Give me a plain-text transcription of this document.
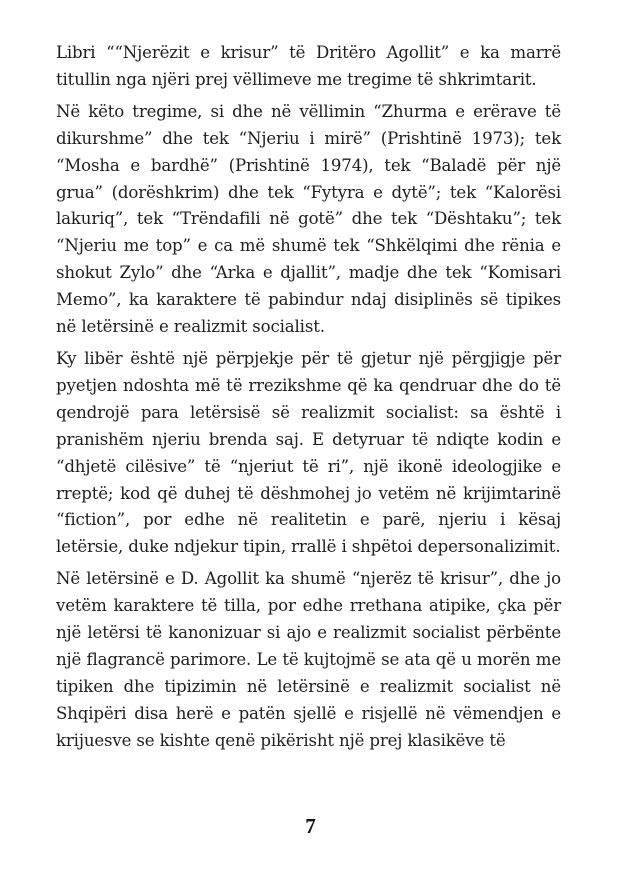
Libri ““Njerëzit e krisur” të Dritëro Agollit” e ka marrë titullin nga njëri prej vëllimeve me tregime të shkrimtarit.

Në këto tregime, si dhe në vëllimin “Zhurma e erërave të dikurshme” dhe tek “Njeriu i mirë” (Prishtinë 1973); tek “Mosha e bardhë” (Prishtinë 1974), tek “Baladë për një grua” (dorëshkrim) dhe tek “Fytyra e dytë”; tek “Kalorësi lakuriq”, tek “Trëndafili në gotë” dhe tek “Dështaku”; tek “Njeriu me top” e ca më shumë tek “Shkëlqimi dhe rënia e shokut Zylo” dhe “Arka e djallit”, madje dhe tek “Komisari Memo”, ka karaktere të pabindur ndaj disiplinës së tipikes në letërsinë e realizmit socialist.

Ky libër është një përpjekje për të gjetur një përgjigje për pyetjen ndoshta më të rrezikshme që ka qendruar dhe do të qendrojë para letërsisë së realizmit socialist: sa është i pranishëm njeriu brenda saj. E detyruar të ndiqte kodin e “dhjetë cilësive” të “njeriut të ri”, një ikonë ideologjike e rreptë; kod që duhej të dëshmohej jo vetëm në krijimtarinë “fiction”, por edhe në realitetin e parë, njeriu i kësaj letërsie, duke ndjekur tipin, rrallë i shpëtoi depersonalizimit.

Në letërsinë e D. Agollit ka shumë “njerëz të krisur”, dhe jo vetëm karaktere të tilla, por edhe rrethana atipike, çka për një letërsi të kanonizuar si ajo e realizmit socialist përbënte një flagrancë parimore. Le të kujtojmë se ata që u morën me tipiken dhe tipizimin në letërsinë e realizmit socialist në Shqipëri disa herë e patën sjellë e risjellë në vëmendjen e krijuesve se kishte qenë pikërisht një prej klasikëve të

7
